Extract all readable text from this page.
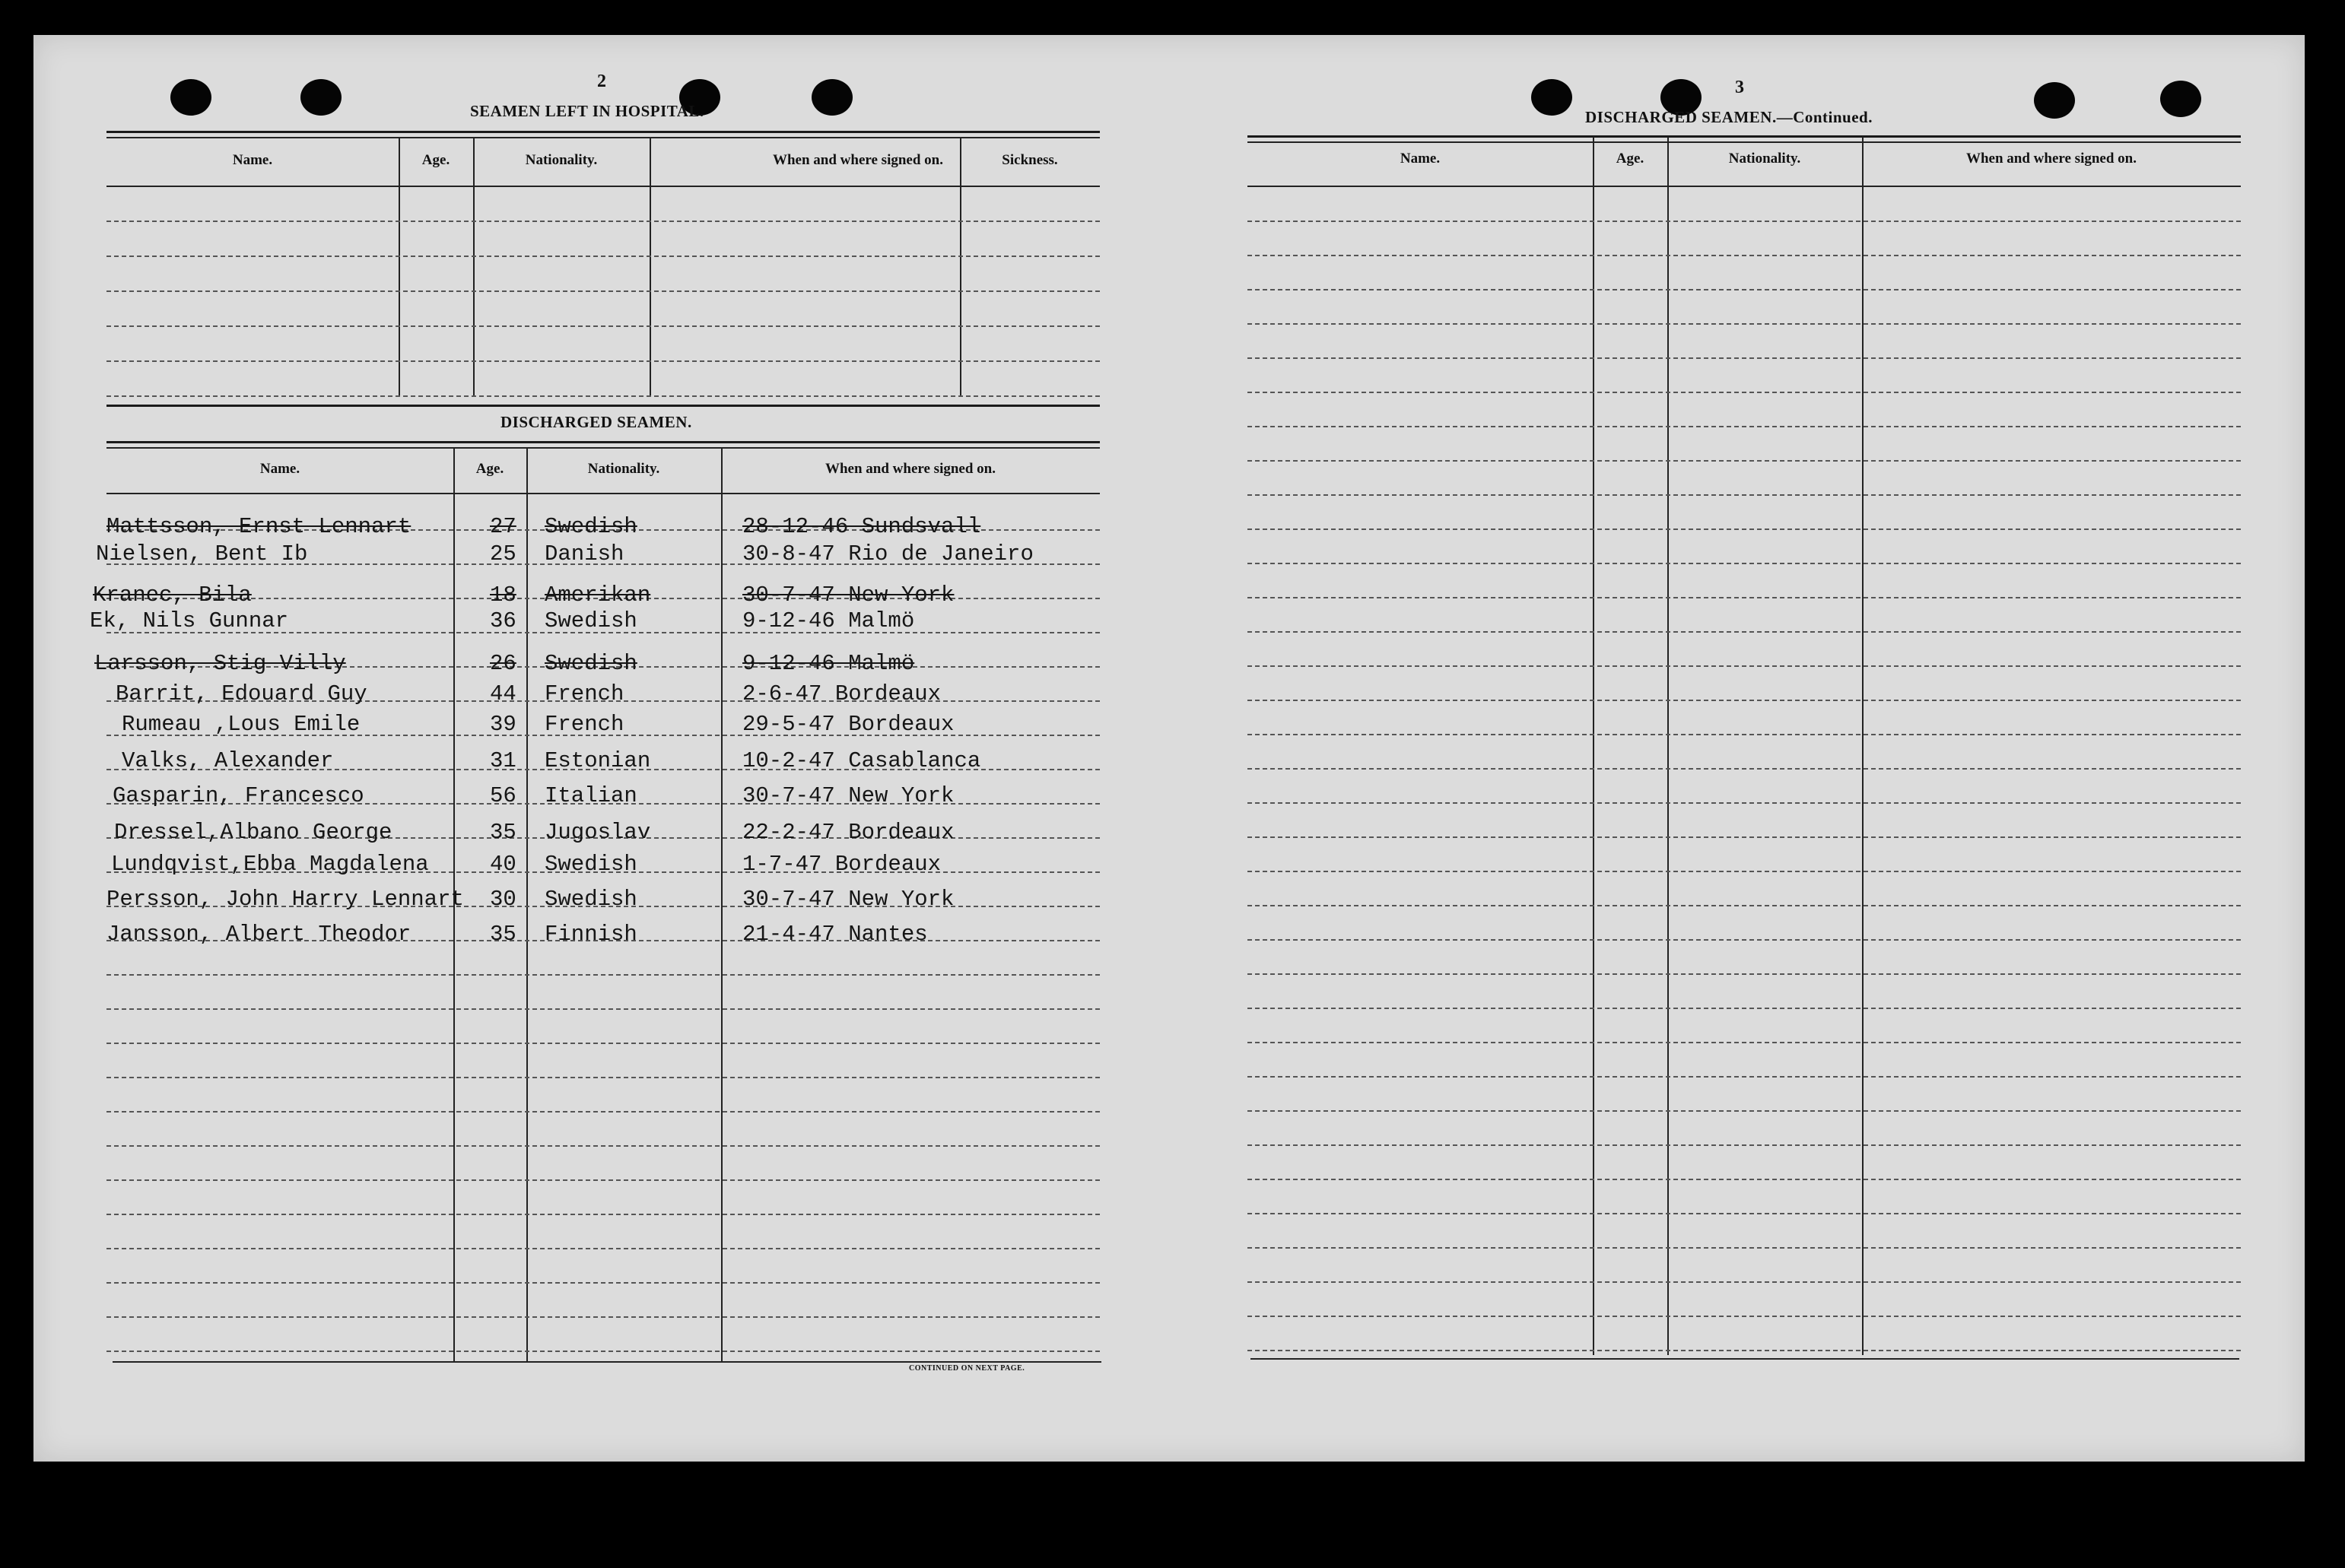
2
SEAMEN LEFT IN HOSPITAL.
Name.	Age.	Nationality.	When and where signed on.	Sickness.
DISCHARGED SEAMEN.
Name.	Age.	Nationality.	When and where signed on.
Mattsson, Ernst Lennart	27 Swedish	28-12-46 Sundsvall
Nielsen, Bent Ib	25 Danish	30-8-47 Rio de Janeiro
Kranec, Bila	18 Amerikan	30-7-47 New York
Ek, Nils Gunnar	36 Swedish	9-12-46 Malmö
Larsson, Stig Villy	26 Swedish	9-12-46 Malmö
Barrit, Edouard Guy	44 French	2-6-47 Bordeaux
Rumeau ,Lous Emile	39 French	29-5-47 Bordeaux
Valks, Alexander	31 Estonian	10-2-47 Casablanca
Gasparin, Francesco	56 Italian	30-7-47 New York
Dressel,Albano George	35 Jugoslav	22-2-47 Bordeaux
Lundqvist,Ebba Magdalena	40 Swedish	1-7-47 Bordeaux
Persson, John Harry Lennart 30 Swedish	30-7-47 New York
Jansson, Albert Theodor	35 Finnish	21-4-47 Nantes
CONTINUED ON NEXT PAGE.
3
DISCHARGED SEAMEN.—Continued.
Name.	Age.	Nationality.	When and where signed on.
